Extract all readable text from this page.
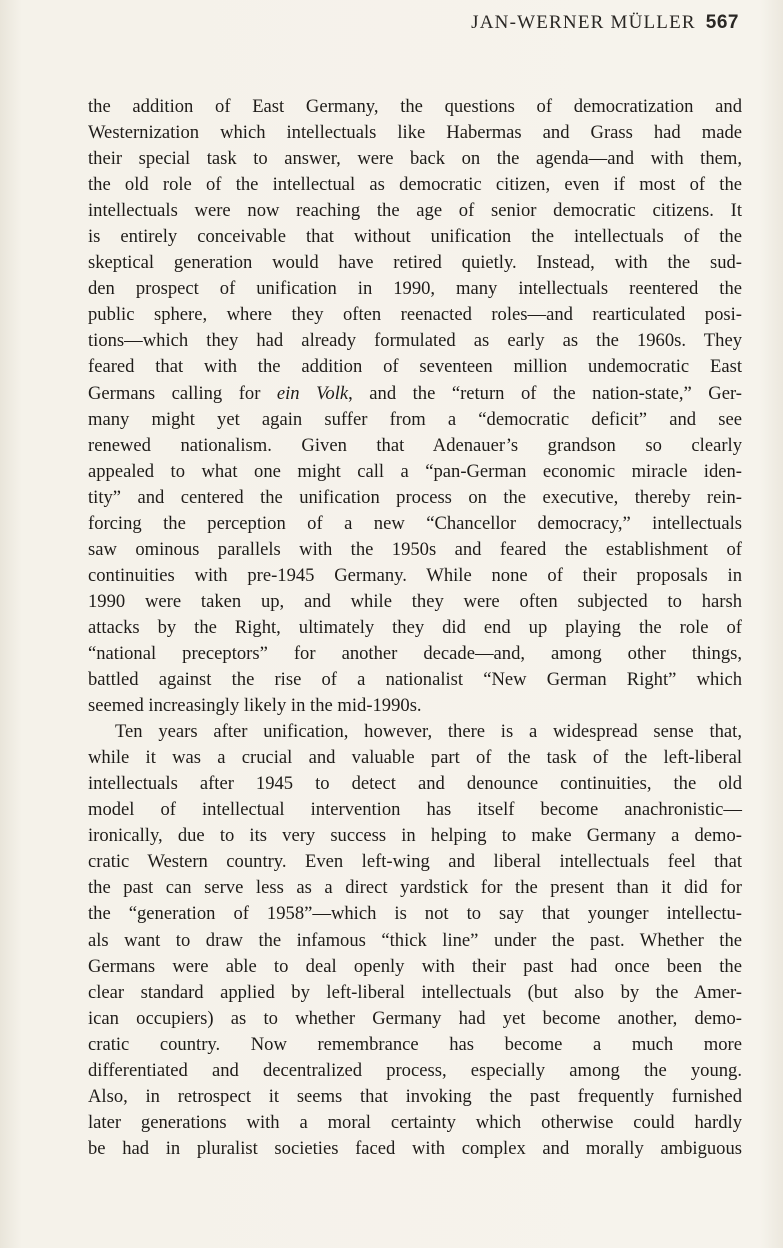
JAN-WERNER MÜLLER 567
the addition of East Germany, the questions of democratization and
Westernization which intellectuals like Habermas and Grass had made
their special task to answer, were back on the agenda—and with them,
the old role of the intellectual as democratic citizen, even if most of the
intellectuals were now reaching the age of senior democratic citizens. It
is entirely conceivable that without unification the intellectuals of the
skeptical generation would have retired quietly. Instead, with the sud-
den prospect of unification in 1990, many intellectuals reentered the
public sphere, where they often reenacted roles—and rearticulated posi-
tions—which they had already formulated as early as the 1960s. They
feared that with the addition of seventeen million undemocratic East
Germans calling for ein Volk, and the “return of the nation-state,” Ger-
many might yet again suffer from a “democratic deficit” and see
renewed nationalism. Given that Adenauer’s grandson so clearly
appealed to what one might call a “pan-German economic miracle iden-
tity” and centered the unification process on the executive, thereby rein-
forcing the perception of a new “Chancellor democracy,” intellectuals
saw ominous parallels with the 1950s and feared the establishment of
continuities with pre-1945 Germany. While none of their proposals in
1990 were taken up, and while they were often subjected to harsh
attacks by the Right, ultimately they did end up playing the role of
“national preceptors” for another decade—and, among other things,
battled against the rise of a nationalist “New German Right” which
seemed increasingly likely in the mid-1990s.
Ten years after unification, however, there is a widespread sense that,
while it was a crucial and valuable part of the task of the left-liberal
intellectuals after 1945 to detect and denounce continuities, the old
model of intellectual intervention has itself become anachronistic—
ironically, due to its very success in helping to make Germany a demo-
cratic Western country. Even left-wing and liberal intellectuals feel that
the past can serve less as a direct yardstick for the present than it did for
the “generation of 1958”—which is not to say that younger intellectu-
als want to draw the infamous “thick line” under the past. Whether the
Germans were able to deal openly with their past had once been the
clear standard applied by left-liberal intellectuals (but also by the Amer-
ican occupiers) as to whether Germany had yet become another, demo-
cratic country. Now remembrance has become a much more
differentiated and decentralized process, especially among the young.
Also, in retrospect it seems that invoking the past frequently furnished
later generations with a moral certainty which otherwise could hardly
be had in pluralist societies faced with complex and morally ambiguous
